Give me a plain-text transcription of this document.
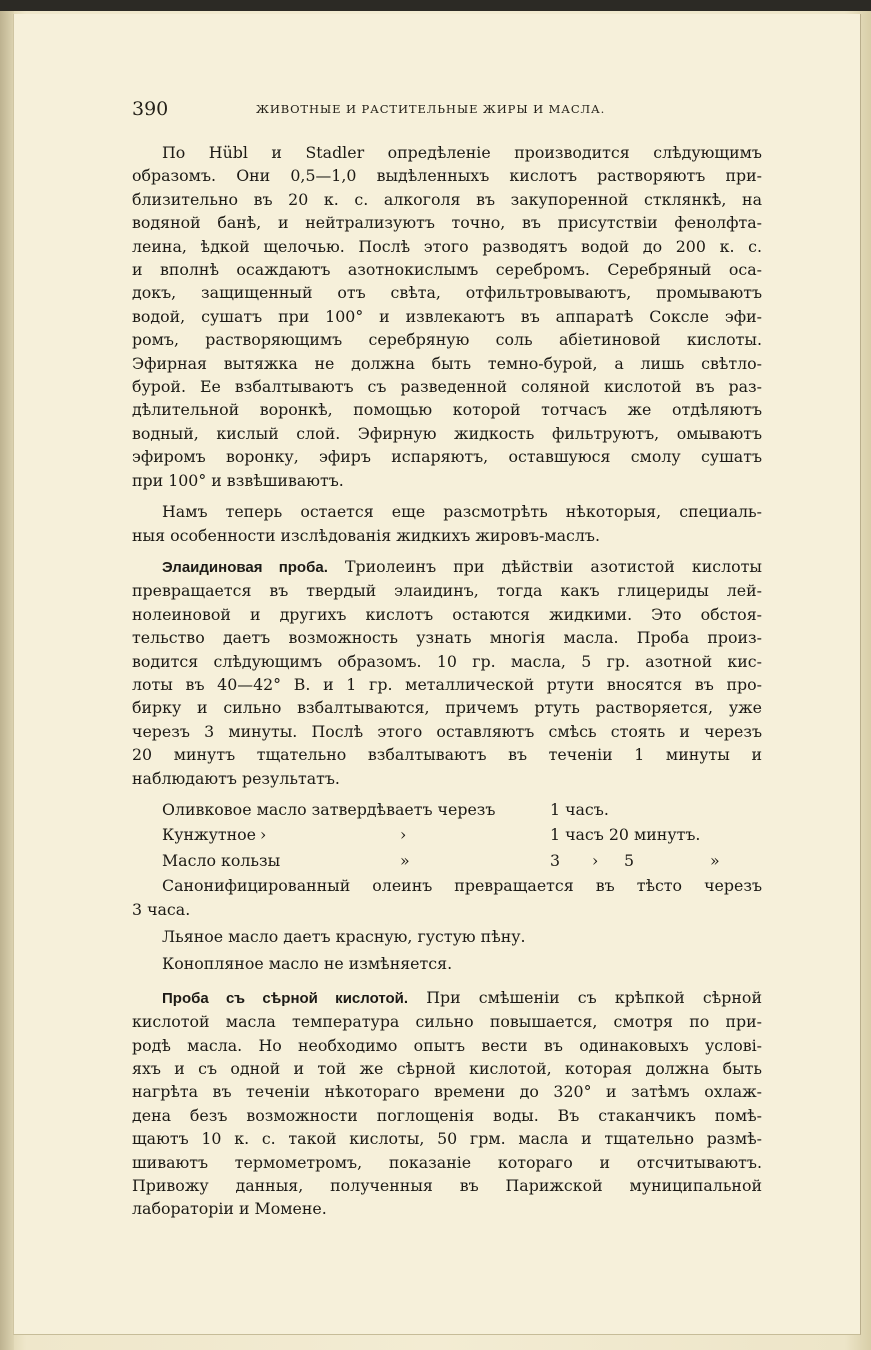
390	ЖИВОТНЫЕ И РАСТИТЕЛЬНЫЕ ЖИРЫ И МАСЛА.
По Hübl и Stadler опредѣленіе производится слѣдующимъ
образомъ. Они 0,5—1,0 выдѣленныхъ кислотъ растворяютъ при-
близительно въ 20 к. с. алкоголя въ закупоренной стклянкѣ, на
водяной банѣ, и нейтрализуютъ точно, въ присутствіи фенолфта-
леина, ѣдкой щелочью. Послѣ этого разводятъ водой до 200 к. с.
и вполнѣ осаждаютъ азотнокислымъ серебромъ. Серебряный оса-
докъ, защищенный отъ свѣта, отфильтровываютъ, промываютъ
водой, сушатъ при 100° и извлекаютъ въ аппаратѣ Сокслe эфи-
ромъ, растворяющимъ серебряную соль абіетиновой кислоты.
Эфирная вытяжка не должна быть темно-бурой, а лишь свѣтло-
бурой. Ее взбалтываютъ съ разведенной соляной кислотой въ раз-
дѣлительной воронкѣ, помощью которой тотчасъ же отдѣляютъ
водный, кислый слой. Эфирную жидкость фильтруютъ, омываютъ
эфиромъ воронку, эфиръ испаряютъ, оставшуюся смолу сушатъ
при 100° и взвѣшиваютъ.
Намъ теперь остается еще разсмотрѣть нѣкоторыя, специаль-
ныя особенности изслѣдованія жидкихъ жировъ-маслъ.
Элаидиновая проба. Триолеинъ при дѣйствіи азотистой кислоты
превращается въ твердый элаидинъ, тогда какъ глицериды лей-
нолеиновой и другихъ кислотъ остаются жидкими. Это обстоя-
тельство даетъ возможность узнать многія масла. Проба произ-
водится слѣдующимъ образомъ. 10 гр. масла, 5 гр. азотной кис-
лоты въ 40—42° В. и 1 гр. металлической ртути вносятся въ про-
бирку и сильно взбалтываются, причемъ ртуть растворяется, уже
черезъ 3 минуты. Послѣ этого оставляютъ смѣсь стоять и черезъ
20 минутъ тщательно взбалтываютъ въ теченіи 1 минуты и
наблюдаютъ результатъ.
Оливковое масло затвердѣваетъ черезъ	1 часъ.
Кунжутное ›	›	1 часъ 20 минутъ.
Масло кользы	»	3 › 5	»
Санонифицированный олеинъ превращается въ тѣсто черезъ
3 часа.
Льяное масло даетъ красную, густую пѣну.
Конопляное масло не измѣняется.
Проба съ сѣрной кислотой. При смѣшеніи съ крѣпкой сѣрной
кислотой масла температура сильно повышается, смотря по при-
родѣ масла. Но необходимо опытъ вести въ одинаковыхъ услові-
яхъ и съ одной и той же сѣрной кислотой, которая должна быть
нагрѣта въ теченіи нѣкотораго времени до 320° и затѣмъ охлаж-
дена безъ возможности поглощенія воды. Въ стаканчикъ помѣ-
щаютъ 10 к. с. такой кислоты, 50 грм. масла и тщательно размѣ-
шиваютъ термометромъ, показаніе котораго и отсчитываютъ.
Привожу данныя, полученныя въ Парижской муниципальной
лабораторіи и Момене.
